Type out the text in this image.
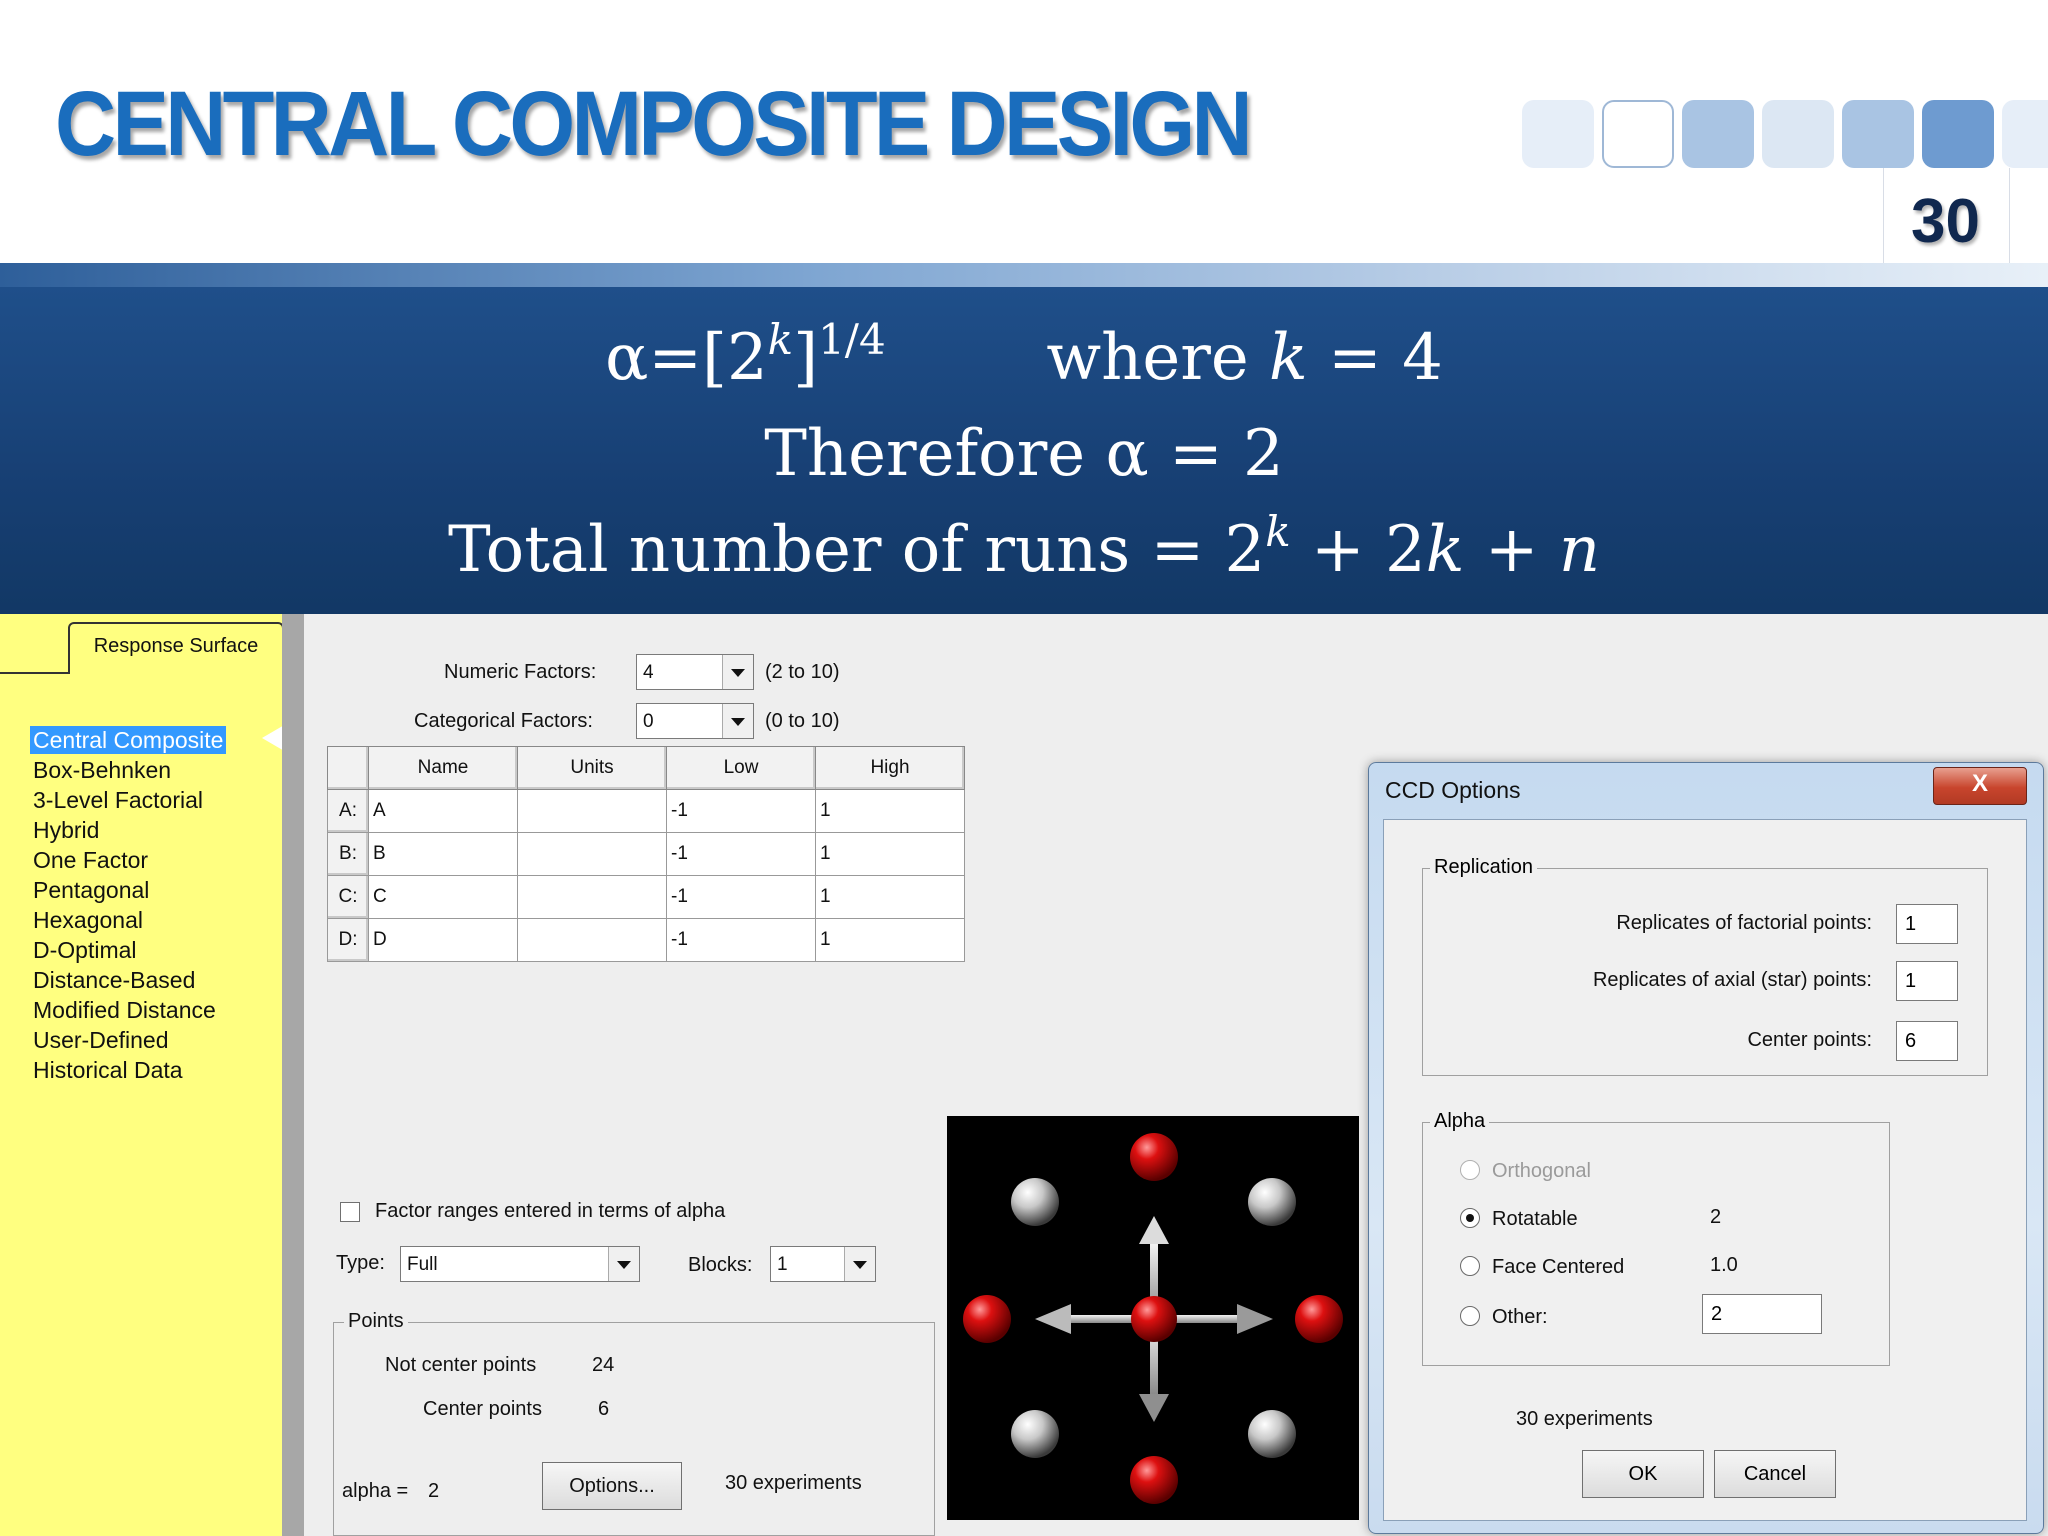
CENTRAL COMPOSITE DESIGN
30
$\alpha=[2^k]^{1/4}$	where k = 4
Therefore α = 2
Total number of runs = $2^k + 2k + n$
Response Surface
Central Composite
Box-Behnken
3-Level Factorial
Hybrid
One Factor
Pentagonal
Hexagonal
D-Optimal
Distance-Based
Modified Distance
User-Defined
Historical Data
Numeric Factors:	4	(2 to 10)
Categorical Factors:	0	(0 to 10)
	Name	Units	Low	High
A:	A		-1	1
B:	B		-1	1
C:	C		-1	1
D:	D		-1	1
Factor ranges entered in terms of alpha
Type:	Full	Blocks:	1
Points
Not center points	24
Center points	6
alpha = 2	Options...	30 experiments
CCD Options	X
Replication
Replicates of factorial points:	1
Replicates of axial (star) points:	1
Center points:	6
Alpha
Orthogonal
Rotatable	2
Face Centered	1.0
Other:	2
30 experiments
OK	Cancel
